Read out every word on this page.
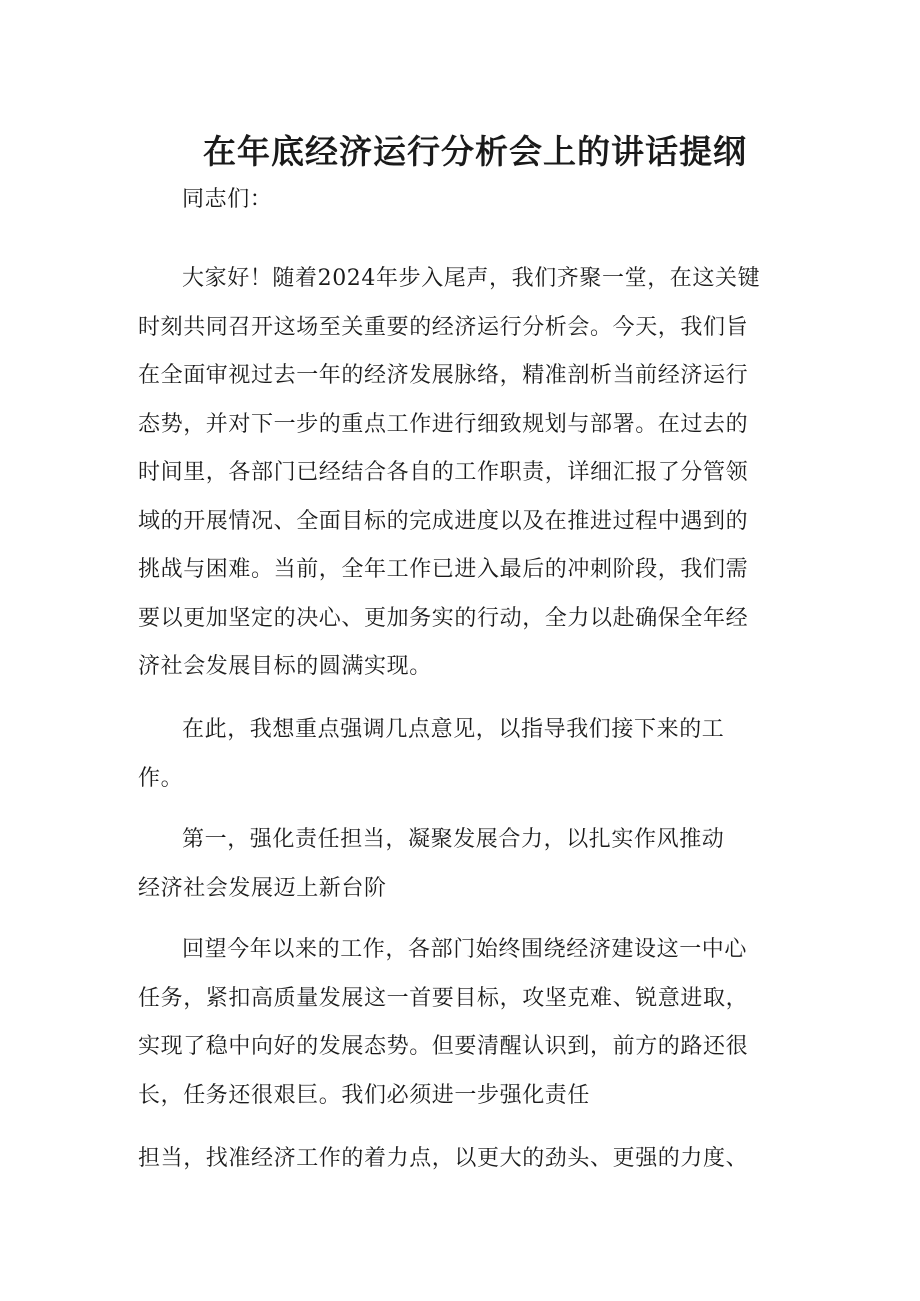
在年底经济运行分析会上的讲话提纲

同志们：

大家好！随着2024年步入尾声，我们齐聚一堂，在这关键
时刻共同召开这场至关重要的经济运行分析会。今天，我们旨
在全面审视过去一年的经济发展脉络，精准剖析当前经济运行
态势，并对下一步的重点工作进行细致规划与部署。在过去的
时间里，各部门已经结合各自的工作职责，详细汇报了分管领
域的开展情况、全面目标的完成进度以及在推进过程中遇到的
挑战与困难。当前，全年工作已进入最后的冲刺阶段，我们需
要以更加坚定的决心、更加务实的行动，全力以赴确保全年经
济社会发展目标的圆满实现。

在此，我想重点强调几点意见，以指导我们接下来的工
作。

第一，强化责任担当，凝聚发展合力，以扎实作风推动
经济社会发展迈上新台阶

回望今年以来的工作，各部门始终围绕经济建设这一中心
任务，紧扣高质量发展这一首要目标，攻坚克难、锐意进取，
实现了稳中向好的发展态势。但要清醒认识到，前方的路还很
长，任务还很艰巨。我们必须进一步强化责任

担当，找准经济工作的着力点，以更大的劲头、更强的力度、
